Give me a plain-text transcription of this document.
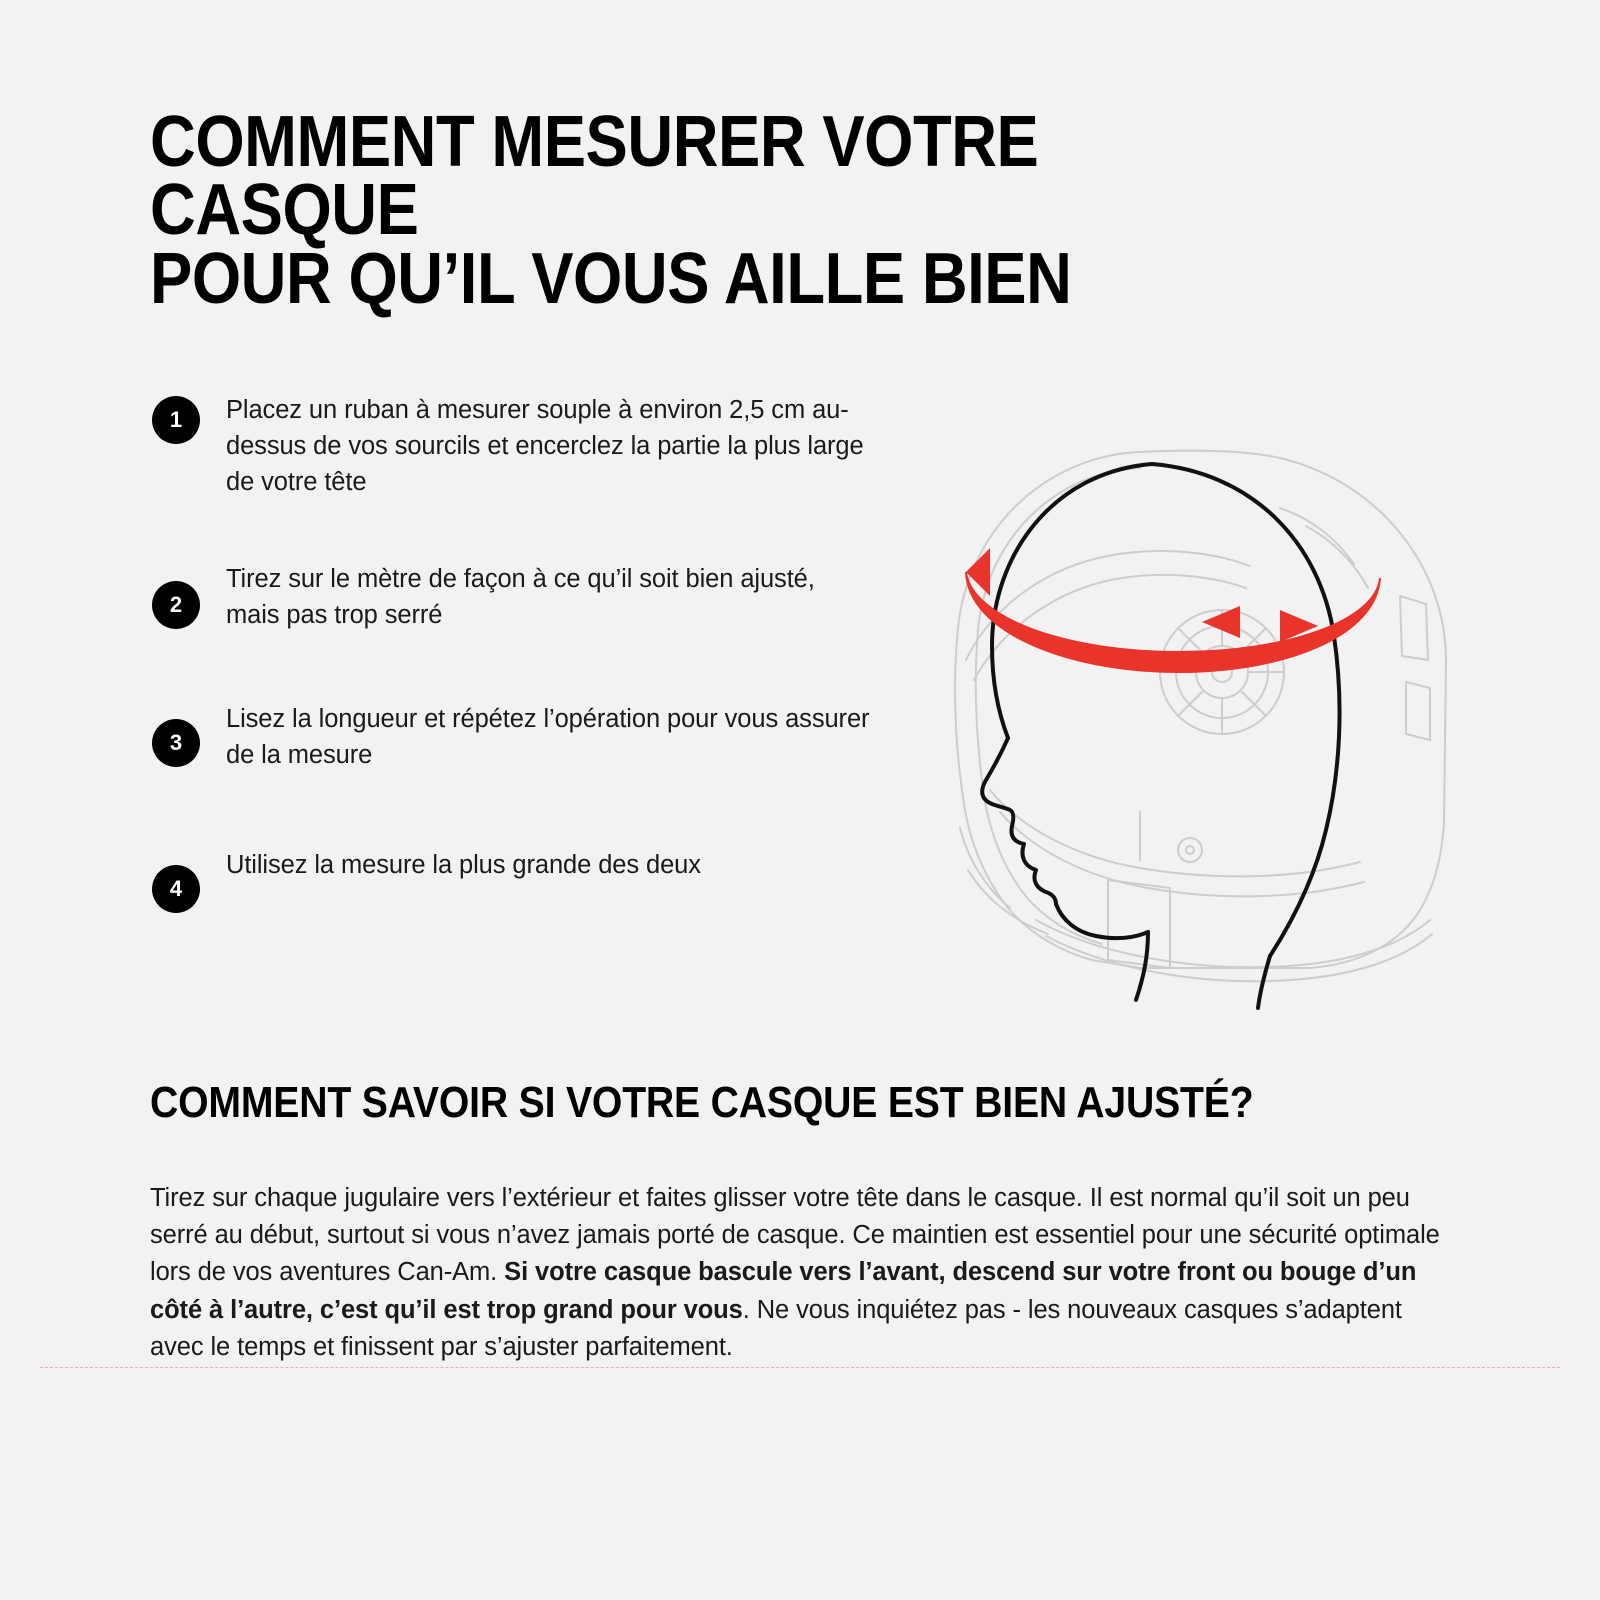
COMMENT MESURER VOTRE CASQUE
POUR QU’IL VOUS AILLE BIEN
1	Placez un ruban à mesurer souple à environ 2,5 cm au-dessus de vos sourcils et encerclez la partie la plus large de votre tête
2
Tirez sur le mètre de façon à ce qu’il soit bien ajusté, mais pas trop serré
3
Lisez la longueur et répétez l’opération pour vous assurer de la mesure
4
Utilisez la mesure la plus grande des deux
COMMENT SAVOIR SI VOTRE CASQUE EST BIEN AJUSTÉ?
Tirez sur chaque jugulaire vers l’extérieur et faites glisser votre tête dans le casque. Il est normal qu’il soit un peu serré au début, surtout si vous n’avez jamais porté de casque. Ce maintien est essentiel pour une sécurité optimale lors de vos aventures Can-Am. Si votre casque bascule vers l’avant, descend sur votre front ou bouge d’un côté à l’autre, c’est qu’il est trop grand pour vous. Ne vous inquiétez pas - les nouveaux casques s’adaptent avec le temps et finissent par s’ajuster parfaitement.
